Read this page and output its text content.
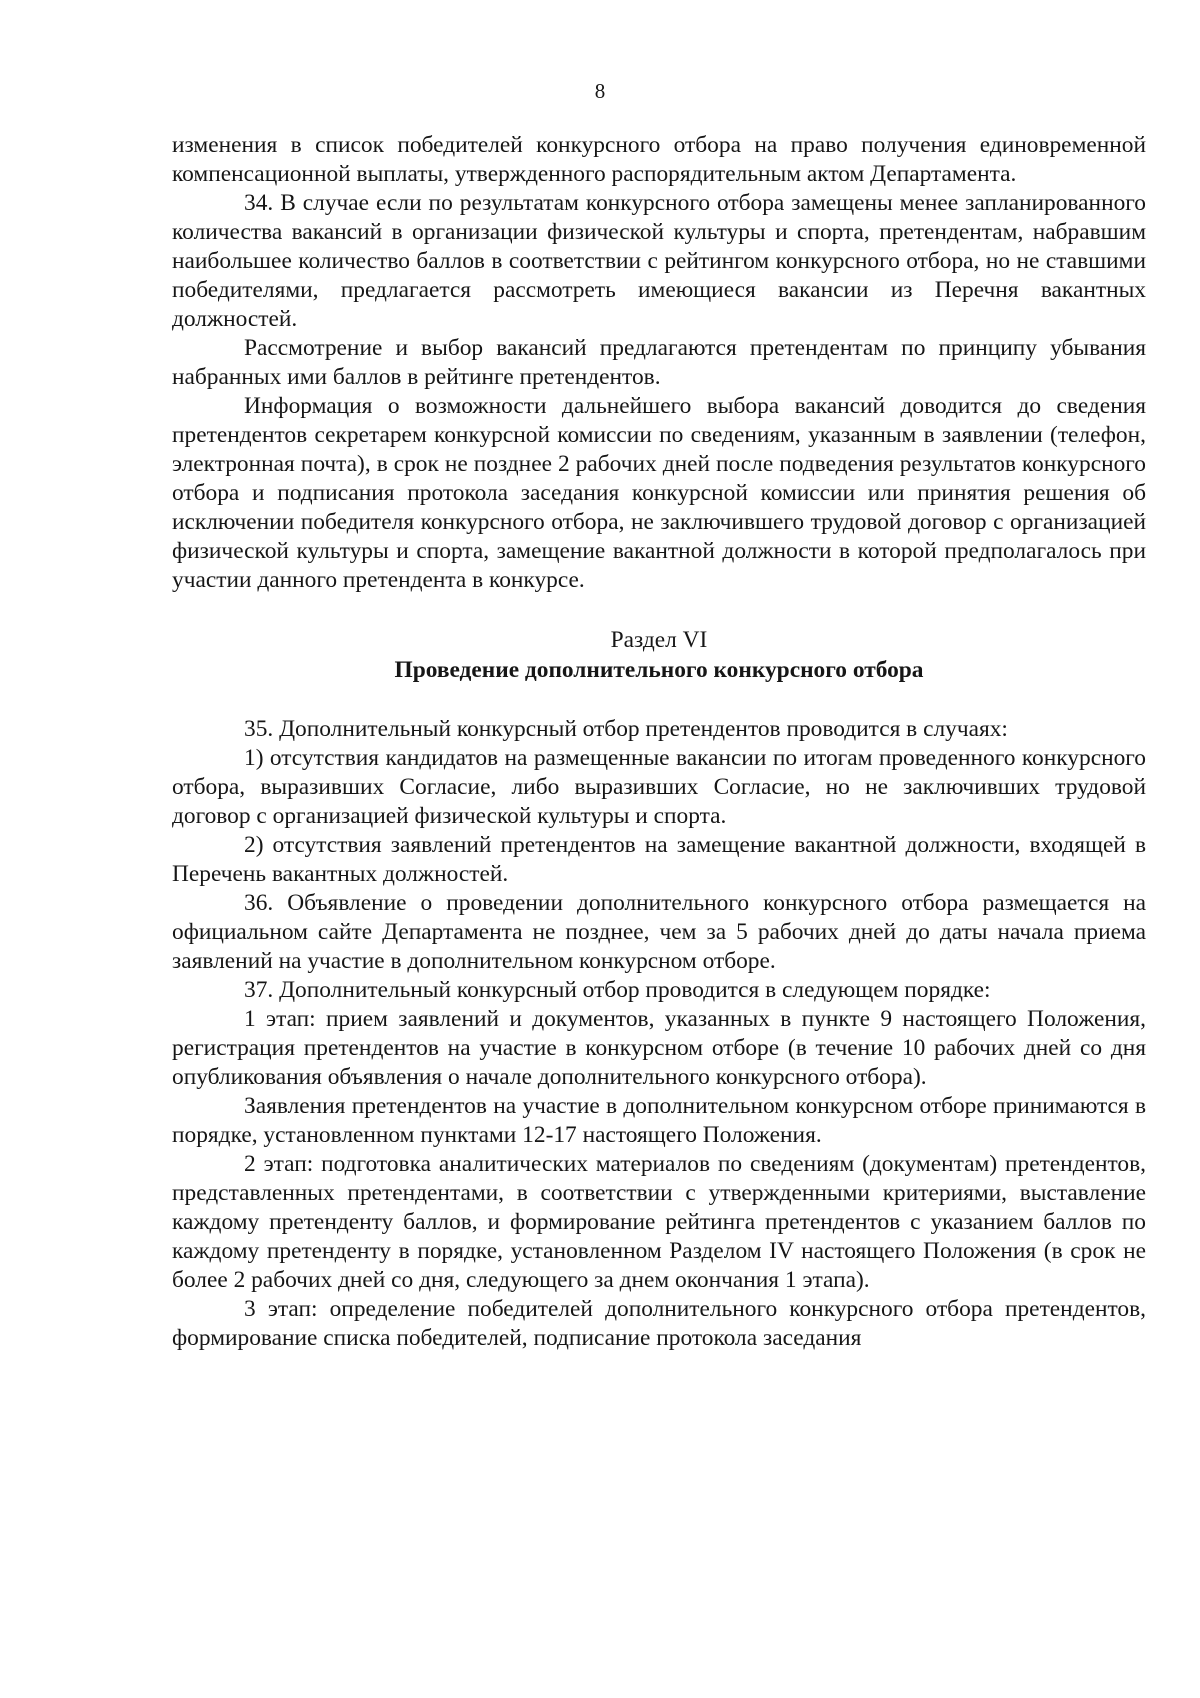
8

изменения в список победителей конкурсного отбора на право получения единовременной компенсационной выплаты, утвержденного распорядительным актом Департамента.

34. В случае если по результатам конкурсного отбора замещены менее запланированного количества вакансий в организации физической культуры и спорта, претендентам, набравшим наибольшее количество баллов в соответствии с рейтингом конкурсного отбора, но не ставшими победителями, предлагается рассмотреть имеющиеся вакансии из Перечня вакантных должностей.

Рассмотрение и выбор вакансий предлагаются претендентам по принципу убывания набранных ими баллов в рейтинге претендентов.

Информация о возможности дальнейшего выбора вакансий доводится до сведения претендентов секретарем конкурсной комиссии по сведениям, указанным в заявлении (телефон, электронная почта), в срок не позднее 2 рабочих дней после подведения результатов конкурсного отбора и подписания протокола заседания конкурсной комиссии или принятия решения об исключении победителя конкурсного отбора, не заключившего трудовой договор с организацией физической культуры и спорта, замещение вакантной должности в которой предполагалось при участии данного претендента в конкурсе.

Раздел VI
Проведение дополнительного конкурсного отбора

35. Дополнительный конкурсный отбор претендентов проводится в случаях:

1) отсутствия кандидатов на размещенные вакансии по итогам проведенного конкурсного отбора, выразивших Согласие, либо выразивших Согласие, но не заключивших трудовой договор с организацией физической культуры и спорта.

2) отсутствия заявлений претендентов на замещение вакантной должности, входящей в Перечень вакантных должностей.

36. Объявление о проведении дополнительного конкурсного отбора размещается на официальном сайте Департамента не позднее, чем за 5 рабочих дней до даты начала приема заявлений на участие в дополнительном конкурсном отборе.

37. Дополнительный конкурсный отбор проводится в следующем порядке:

1 этап: прием заявлений и документов, указанных в пункте 9 настоящего Положения, регистрация претендентов на участие в конкурсном отборе (в течение 10 рабочих дней со дня опубликования объявления о начале дополнительного конкурсного отбора).

Заявления претендентов на участие в дополнительном конкурсном отборе принимаются в порядке, установленном пунктами 12-17 настоящего Положения.

2 этап: подготовка аналитических материалов по сведениям (документам) претендентов, представленных претендентами, в соответствии с утвержденными критериями, выставление каждому претенденту баллов, и формирование рейтинга претендентов с указанием баллов по каждому претенденту в порядке, установленном Разделом IV настоящего Положения (в срок не более 2 рабочих дней со дня, следующего за днем окончания 1 этапа).

3 этап: определение победителей дополнительного конкурсного отбора претендентов, формирование списка победителей, подписание протокола заседания
